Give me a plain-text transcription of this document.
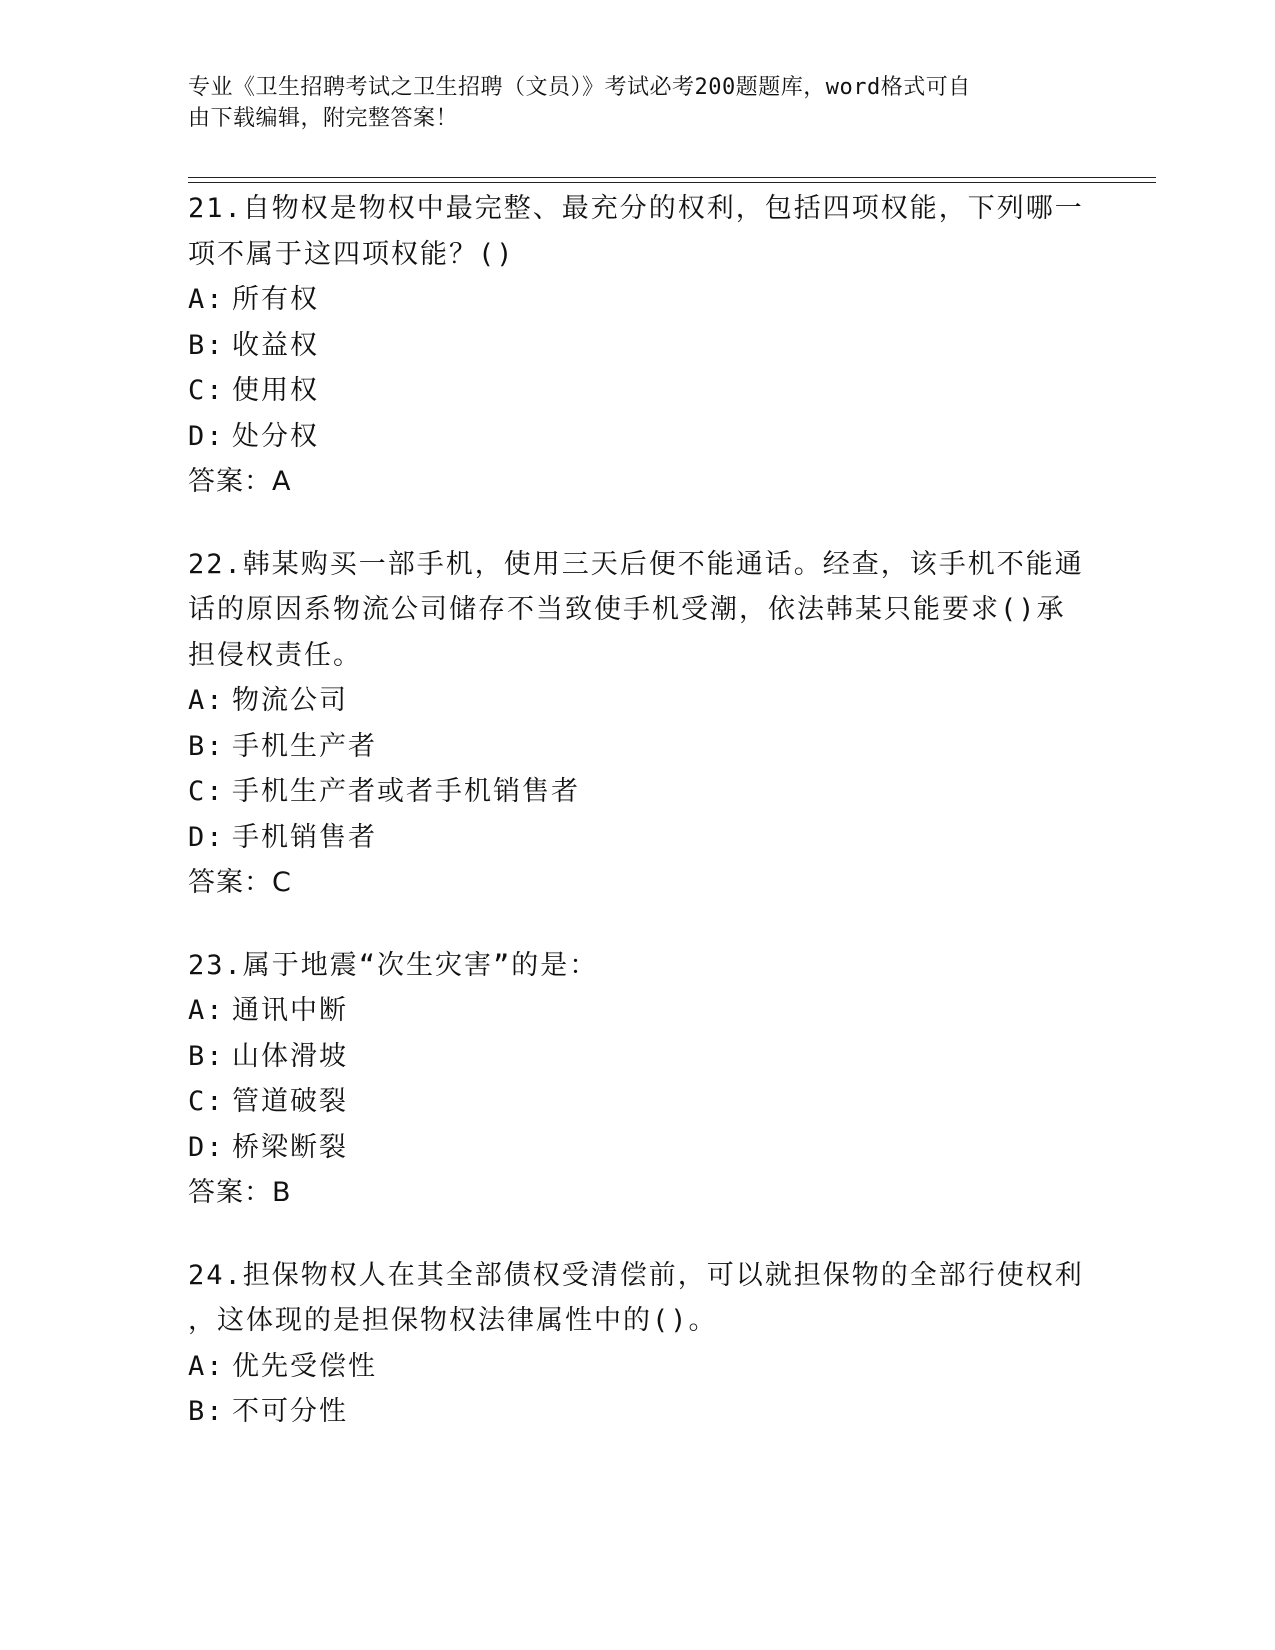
专业《卫生招聘考试之卫生招聘（文员）》考试必考200题题库，word格式可自
由下载编辑，附完整答案！
21.自物权是物权中最完整、最充分的权利，包括四项权能，下列哪一
项不属于这四项权能？()
A: 所有权
B: 收益权
C: 使用权
D: 处分权
答案：A
22.韩某购买一部手机，使用三天后便不能通话。经查，该手机不能通
话的原因系物流公司储存不当致使手机受潮，依法韩某只能要求()承
担侵权责任。
A: 物流公司
B: 手机生产者
C: 手机生产者或者手机销售者
D: 手机销售者
答案：C
23.属于地震“次生灾害”的是：
A: 通讯中断
B: 山体滑坡
C: 管道破裂
D: 桥梁断裂
答案：B
24.担保物权人在其全部债权受清偿前，可以就担保物的全部行使权利
，这体现的是担保物权法律属性中的()。
A: 优先受偿性
B: 不可分性
